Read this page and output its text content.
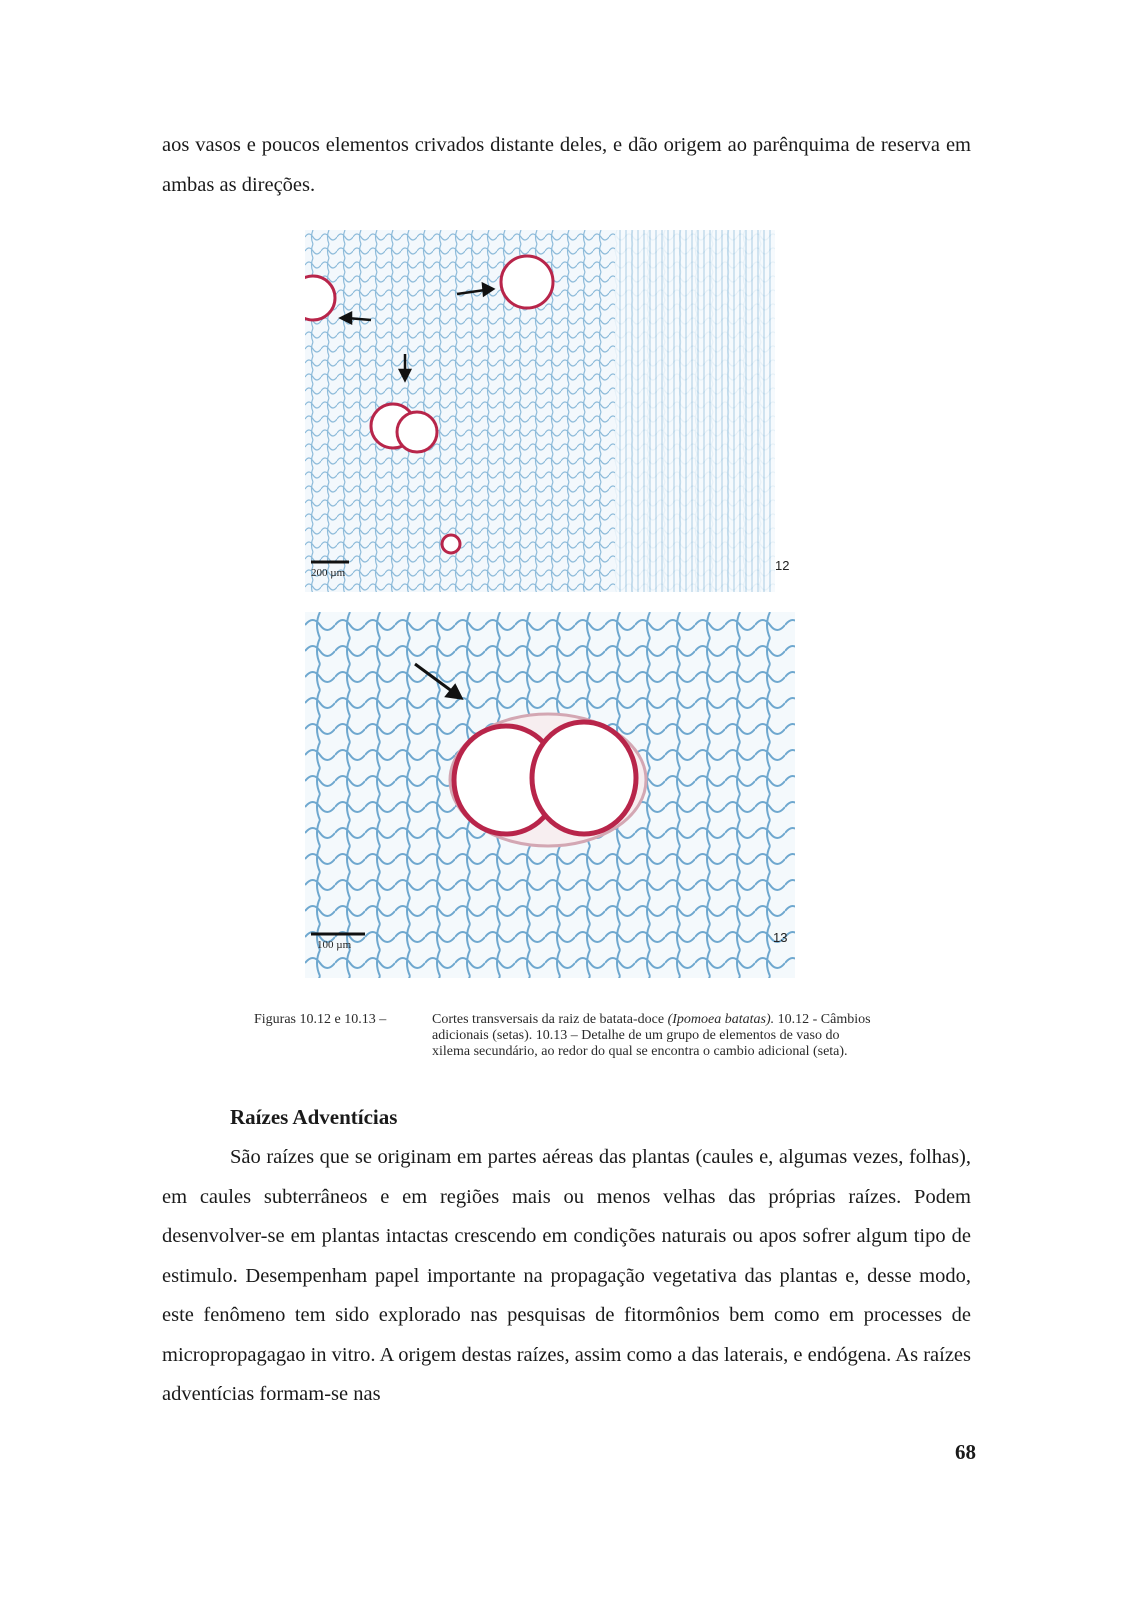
aos vasos e poucos elementos crivados distante deles, e dão origem ao parênquima de reserva em ambas as direções.

200 µm	12
100 µm	13
Figuras 10.12 e 10.13 –	Cortes transversais da raiz de batata-doce (Ipomoea batatas). 10.12 - Câmbios adicionais (setas). 10.13 – Detalhe de um grupo de elementos de vaso do xilema secundário, ao redor do qual se encontra o cambio adicional (seta).
Raízes Adventícias

São raízes que se originam em partes aéreas das plantas (caules e, algumas vezes, folhas), em caules subterrâneos e em regiões mais ou menos velhas das próprias raízes. Podem desenvolver-se em plantas intactas crescendo em condições naturais ou apos sofrer algum tipo de estimulo. Desempenham papel importante na propagação vegetativa das plantas e, desse modo, este fenômeno tem sido explorado nas pesquisas de fitormônios bem como em processes de micropropagagao in vitro. A origem destas raízes, assim como a das laterais, e endógena. As raízes adventícias formam-se nas

68
